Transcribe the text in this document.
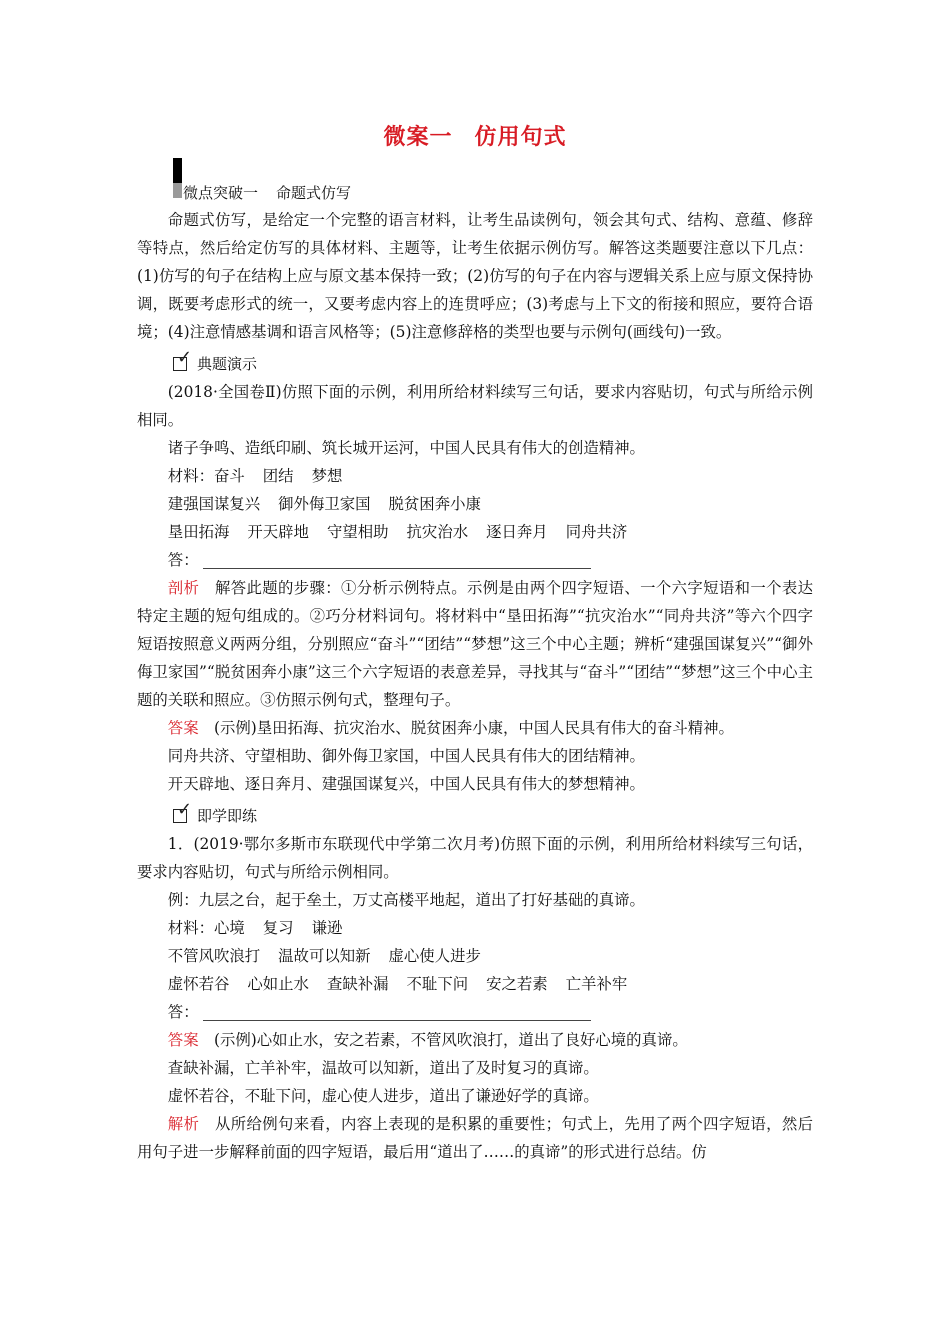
微案一 仿用句式
微点突破一 命题式仿写

命题式仿写，是给定一个完整的语言材料，让考生品读例句，领会其句式、结构、意蕴、修辞等特点，然后给定仿写的具体材料、主题等，让考生依据示例仿写。解答这类题要注意以下几点：(1)仿写的句子在结构上应与原文基本保持一致；(2)仿写的句子在内容与逻辑关系上应与原文保持协调，既要考虑形式的统一，又要考虑内容上的连贯呼应；(3)考虑与上下文的衔接和照应，要符合语境；(4)注意情感基调和语言风格等；(5)注意修辞格的类型也要与示例句(画线句)一致。

✓ 典题演示

(2018·全国卷Ⅱ)仿照下面的示例，利用所给材料续写三句话，要求内容贴切，句式与所给示例相同。

诸子争鸣、造纸印刷、筑长城开运河，中国人民具有伟大的创造精神。

材料：奋斗 团结 梦想

建强国谋复兴 御外侮卫家国 脱贫困奔小康

垦田拓海 开天辟地 守望相助 抗灾治水 逐日奔月 同舟共济

答：

剖析　 解答此题的步骤：①分析示例特点。示例是由两个四字短语、一个六字短语和一个表达特定主题的短句组成的。②巧分材料词句。将材料中“垦田拓海”“抗灾治水”“同舟共济”等六个四字短语按照意义两两分组，分别照应“奋斗”“团结”“梦想”这三个中心主题；辨析“建强国谋复兴”“御外侮卫家国”“脱贫困奔小康”这三个六字短语的表意差异，寻找其与“奋斗”“团结”“梦想”这三个中心主题的关联和照应。③仿照示例句式，整理句子。

答案　 (示例)垦田拓海、抗灾治水、脱贫困奔小康，中国人民具有伟大的奋斗精神。

同舟共济、守望相助、御外侮卫家国，中国人民具有伟大的团结精神。

开天辟地、逐日奔月、建强国谋复兴，中国人民具有伟大的梦想精神。

✓ 即学即练

1．(2019·鄂尔多斯市东联现代中学第二次月考)仿照下面的示例，利用所给材料续写三句话，要求内容贴切，句式与所给示例相同。

例：九层之台，起于垒土，万丈高楼平地起，道出了打好基础的真谛。

材料：心境 复习 谦逊

不管风吹浪打 温故可以知新 虚心使人进步

虚怀若谷 心如止水 查缺补漏 不耻下问 安之若素 亡羊补牢

答：

答案　 (示例)心如止水，安之若素，不管风吹浪打，道出了良好心境的真谛。

查缺补漏，亡羊补牢，温故可以知新，道出了及时复习的真谛。

虚怀若谷，不耻下问，虚心使人进步，道出了谦逊好学的真谛。

解析　 从所给例句来看，内容上表现的是积累的重要性；句式上，先用了两个四字短语，然后用句子进一步解释前面的四字短语，最后用“道出了……的真谛”的形式进行总结。仿
